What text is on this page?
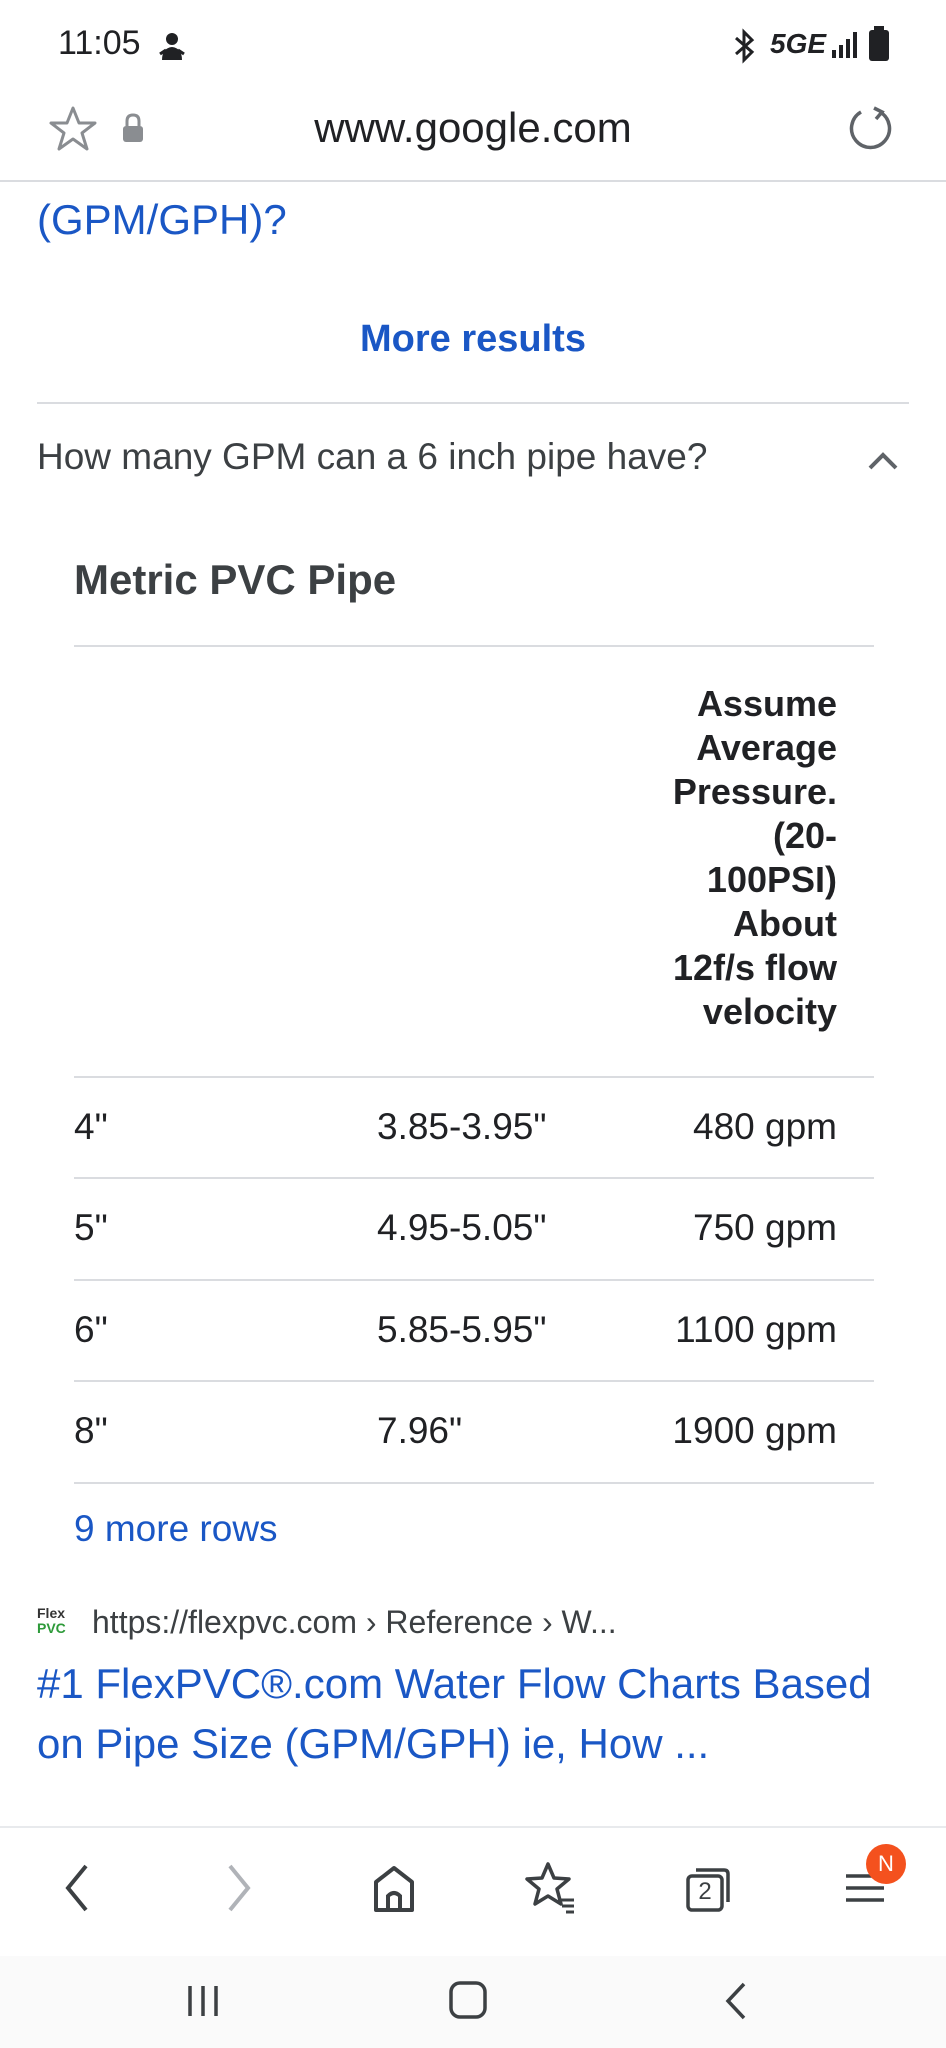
11:05	5GE
www.google.com
(GPM/GPH)?
More results
How many GPM can a 6 inch pipe have?
Metric PVC Pipe
Assume
Average
Pressure.
(20-
100PSI)
About
12f/s flow
velocity
4"	3.85-3.95"	480 gpm
5"	4.95-5.05"	750 gpm
6"	5.85-5.95"	1100 gpm
8"	7.96"	1900 gpm
9 more rows
Flex
PVC https://flexpvc.com › Reference › W...
#1 FlexPVC®.com Water Flow Charts Based on Pipe Size (GPM/GPH) ie, How ...
2
N
